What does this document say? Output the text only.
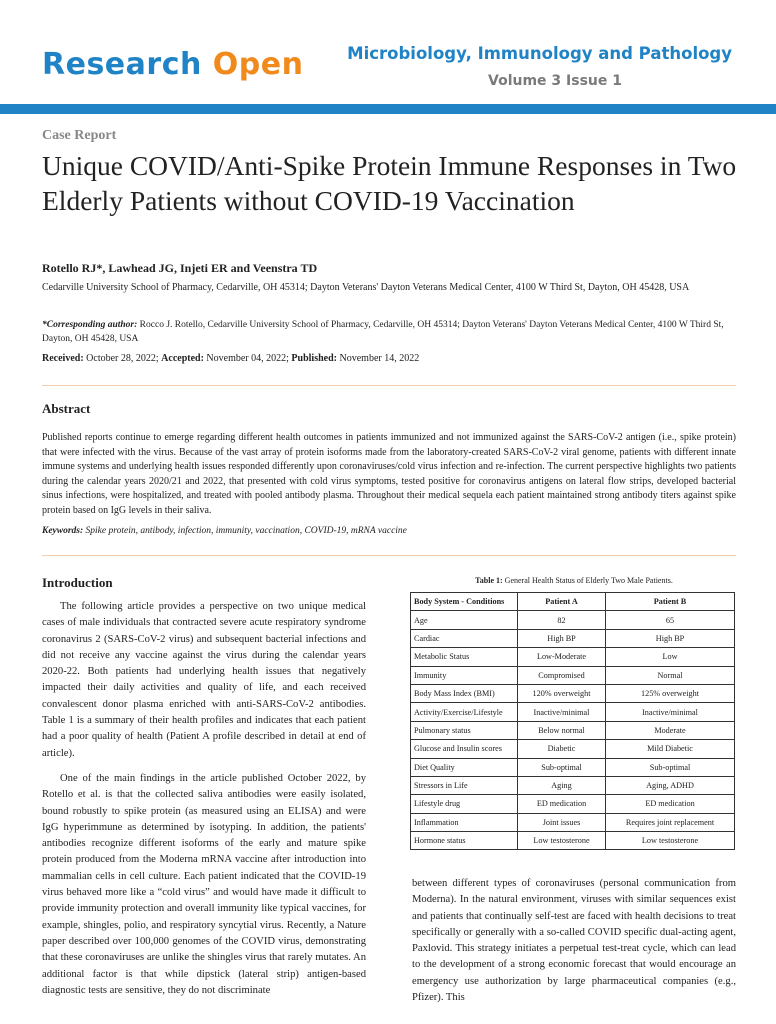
Research Open	Microbiology, Immunology and Pathology
Volume 3 Issue 1
Case Report
Unique COVID/Anti-Spike Protein Immune Responses in Two Elderly Patients without COVID-19 Vaccination
Rotello RJ*, Lawhead JG, Injeti ER and Veenstra TD
Cedarville University School of Pharmacy, Cedarville, OH 45314; Dayton Veterans' Dayton Veterans Medical Center, 4100 W Third St, Dayton, OH 45428, USA
*Corresponding author: Rocco J. Rotello, Cedarville University School of Pharmacy, Cedarville, OH 45314; Dayton Veterans' Dayton Veterans Medical Center, 4100 W Third St, Dayton, OH 45428, USA
Received: October 28, 2022; Accepted: November 04, 2022; Published: November 14, 2022
Abstract
Published reports continue to emerge regarding different health outcomes in patients immunized and not immunized against the SARS-CoV-2 antigen (i.e., spike protein) that were infected with the virus. Because of the vast array of protein isoforms made from the laboratory-created SARS-CoV-2 viral genome, patients with different innate immune systems and underlying health issues responded differently upon coronaviruses/cold virus infection and re-infection. The current perspective highlights two patients during the calendar years 2020/21 and 2022, that presented with cold virus symptoms, tested positive for coronavirus antigens on lateral flow strips, developed bacterial sinus infections, were hospitalized, and treated with pooled antibody plasma. Throughout their medical sequela each patient maintained strong antibody titers against spike protein based on IgG levels in their saliva.
Keywords: Spike protein, antibody, infection, immunity, vaccination, COVID-19, mRNA vaccine
Introduction

The following article provides a perspective on two unique medical cases of male individuals that contracted severe acute respiratory syndrome coronavirus 2 (SARS-CoV-2 virus) and subsequent bacterial infections and did not receive any vaccine against the virus during the calendar years 2020-22. Both patients had underlying health issues that negatively impacted their daily activities and quality of life, and each received convalescent donor plasma enriched with anti-SARS-CoV-2 antibodies. Table 1 is a summary of their health profiles and indicates that each patient had a poor quality of health (Patient A profile described in detail at end of article).

One of the main findings in the article published October 2022, by Rotello et al. is that the collected saliva antibodies were easily isolated, bound robustly to spike protein (as measured using an ELISA) and were IgG hyperimmune as determined by isotyping. In addition, the patients' antibodies recognize different isoforms of the early and mature spike protein produced from the Moderna mRNA vaccine after introduction into mammalian cells in cell culture. Each patient indicated that the COVID-19 virus behaved more like a “cold virus” and would have made it difficult to provide immunity protection and overall immunity like typical vaccines, for example, shingles, polio, and respiratory syncytial virus. Recently, a Nature paper described over 100,000 genomes of the COVID virus, demonstrating that these coronaviruses are unlike the shingles virus that rarely mutates. An additional factor is that while dipstick (lateral strip) antigen-based diagnostic tests are sensitive, they do not discriminate

Table 1: General Health Status of Elderly Two Male Patients.
Body System - Conditions	Patient A	Patient B
Age	82	65
Cardiac	High BP	High BP
Metabolic Status	Low-Moderate	Low
Immunity	Compromised	Normal
Body Mass Index (BMI)	120% overweight	125% overweight
Activity/Exercise/Lifestyle	Inactive/minimal	Inactive/minimal
Pulmonary status	Below normal	Moderate
Glucose and Insulin scores	Diabetic	Mild Diabetic
Diet Quality	Sub-optimal	Sub-optimal
Stressors in Life	Aging	Aging, ADHD
Lifestyle drug	ED medication	ED medication
Inflammation	Joint issues	Requires joint replacement
Hormone status	Low testosterone	Low testosterone

between different types of coronaviruses (personal communication from Moderna). In the natural environment, viruses with similar sequences exist and patients that continually self-test are faced with health decisions to treat specifically or generally with a so-called COVID specific dual-acting agent, Paxlovid. This strategy initiates a perpetual test-treat cycle, which can lead to the development of a strong economic forecast that would encourage an emergency use authorization by large pharmaceutical companies (e.g., Pfizer). This
